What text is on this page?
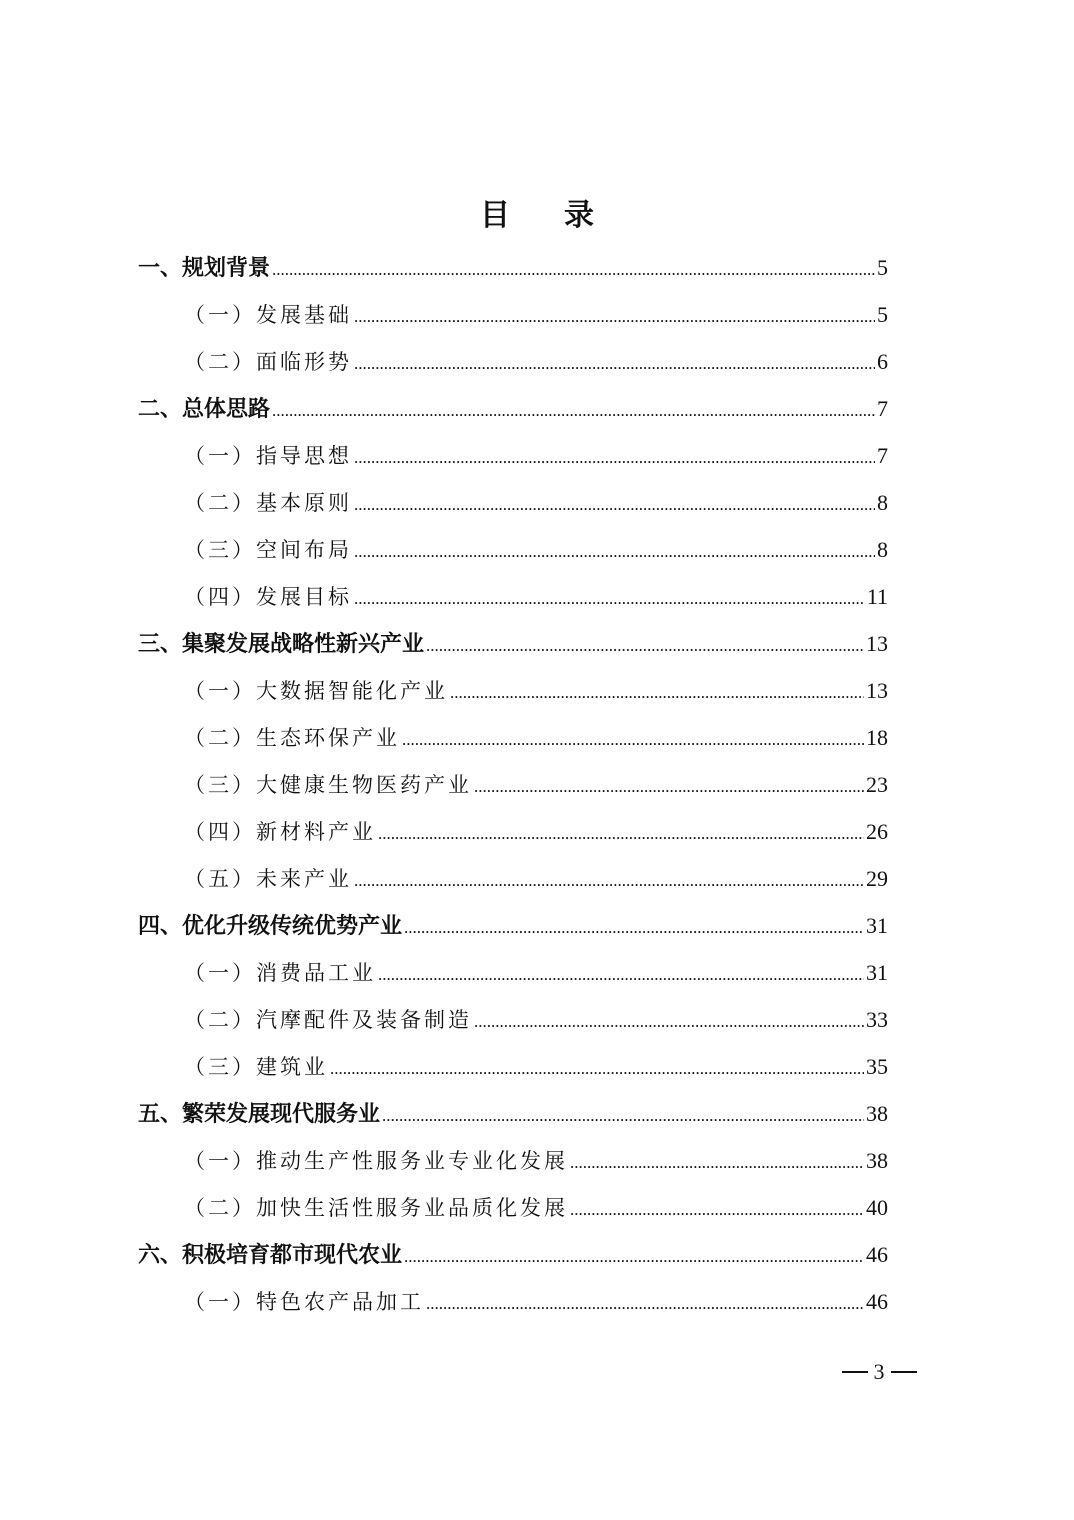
目 录
一、规划背景 .....	5
（一）发展基础 .....	5
（二）面临形势 .....	6
二、总体思路 .....	7
（一）指导思想 .....	7
（二）基本原则 .....	8
（三）空间布局 .....	8
（四）发展目标 .....	11
三、集聚发展战略性新兴产业 .....	13
（一）大数据智能化产业 .....	13
（二）生态环保产业 .....	18
（三）大健康生物医药产业 .....	23
（四）新材料产业 .....	26
（五）未来产业 .....	29
四、优化升级传统优势产业 .....	31
（一）消费品工业 .....	31
（二）汽摩配件及装备制造 .....	33
（三）建筑业 .....	35
五、繁荣发展现代服务业 .....	38
（一）推动生产性服务业专业化发展 .....	38
（二）加快生活性服务业品质化发展 .....	40
六、积极培育都市现代农业 .....	46
（一）特色农产品加工 .....	46
3
